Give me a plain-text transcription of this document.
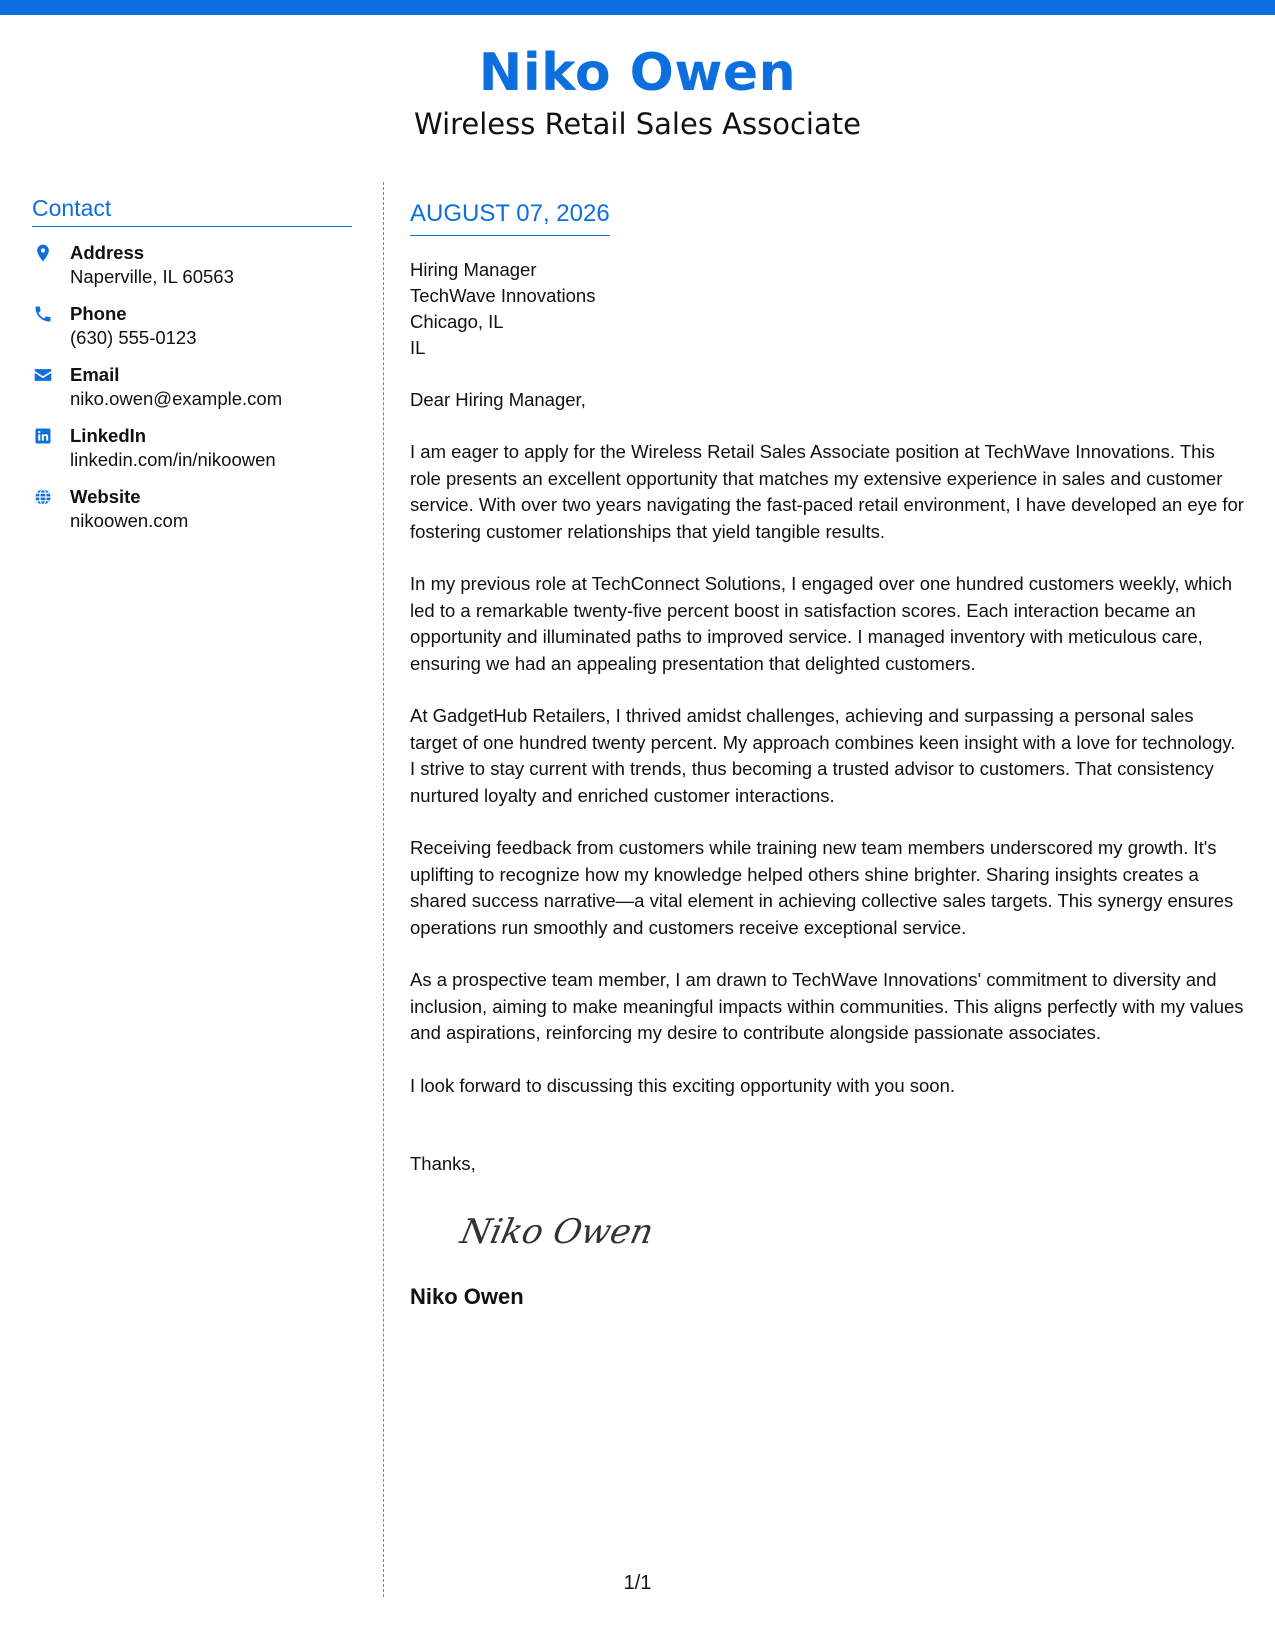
Niko Owen
Wireless Retail Sales Associate
Contact
Address
Naperville, IL 60563
Phone
(630) 555-0123
Email
niko.owen@example.com
LinkedIn
linkedin.com/in/nikoowen
Website
nikoowen.com
AUGUST 07, 2026
Hiring Manager
TechWave Innovations
Chicago, IL
IL
Dear Hiring Manager,

I am eager to apply for the Wireless Retail Sales Associate position at TechWave Innovations. This role presents an excellent opportunity that matches my extensive experience in sales and customer service. With over two years navigating the fast-paced retail environment, I have developed an eye for fostering customer relationships that yield tangible results.

In my previous role at TechConnect Solutions, I engaged over one hundred customers weekly, which led to a remarkable twenty-five percent boost in satisfaction scores. Each interaction became an opportunity and illuminated paths to improved service. I managed inventory with meticulous care, ensuring we had an appealing presentation that delighted customers.

At GadgetHub Retailers, I thrived amidst challenges, achieving and surpassing a personal sales target of one hundred twenty percent. My approach combines keen insight with a love for technology. I strive to stay current with trends, thus becoming a trusted advisor to customers. That consistency nurtured loyalty and enriched customer interactions.

Receiving feedback from customers while training new team members underscored my growth. It's uplifting to recognize how my knowledge helped others shine brighter. Sharing insights creates a shared success narrative—a vital element in achieving collective sales targets. This synergy ensures operations run smoothly and customers receive exceptional service.

As a prospective team member, I am drawn to TechWave Innovations' commitment to diversity and inclusion, aiming to make meaningful impacts within communities. This aligns perfectly with my values and aspirations, reinforcing my desire to contribute alongside passionate associates.

I look forward to discussing this exciting opportunity with you soon.

Thanks,
Niko Owen
Niko Owen
1/1
